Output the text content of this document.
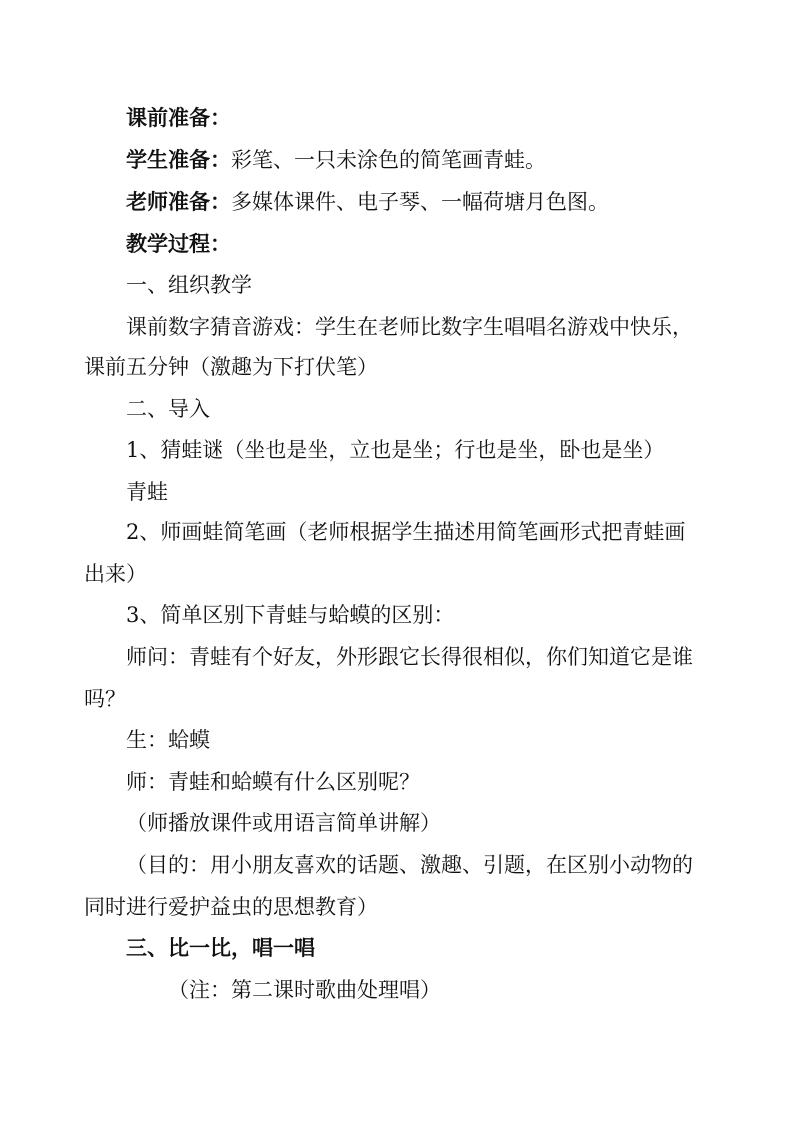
课前准备：
学生准备：彩笔、一只未涂色的简笔画青蛙。
老师准备：多媒体课件、电子琴、一幅荷塘月色图。
教学过程：
一、组织教学
课前数字猜音游戏：学生在老师比数字生唱唱名游戏中快乐，
课前五分钟（激趣为下打伏笔）
二、导入
1、猜蛙谜（坐也是坐，立也是坐；行也是坐，卧也是坐）
青蛙
2、师画蛙简笔画（老师根据学生描述用简笔画形式把青蛙画
出来）
3、简单区别下青蛙与蛤蟆的区别：
师问：青蛙有个好友，外形跟它长得很相似，你们知道它是谁
吗？
生：蛤蟆
师：青蛙和蛤蟆有什么区别呢？
（师播放课件或用语言简单讲解）
（目的：用小朋友喜欢的话题、激趣、引题，在区别小动物的
同时进行爱护益虫的思想教育）
三、比一比，唱一唱
（注：第二课时歌曲处理唱）
